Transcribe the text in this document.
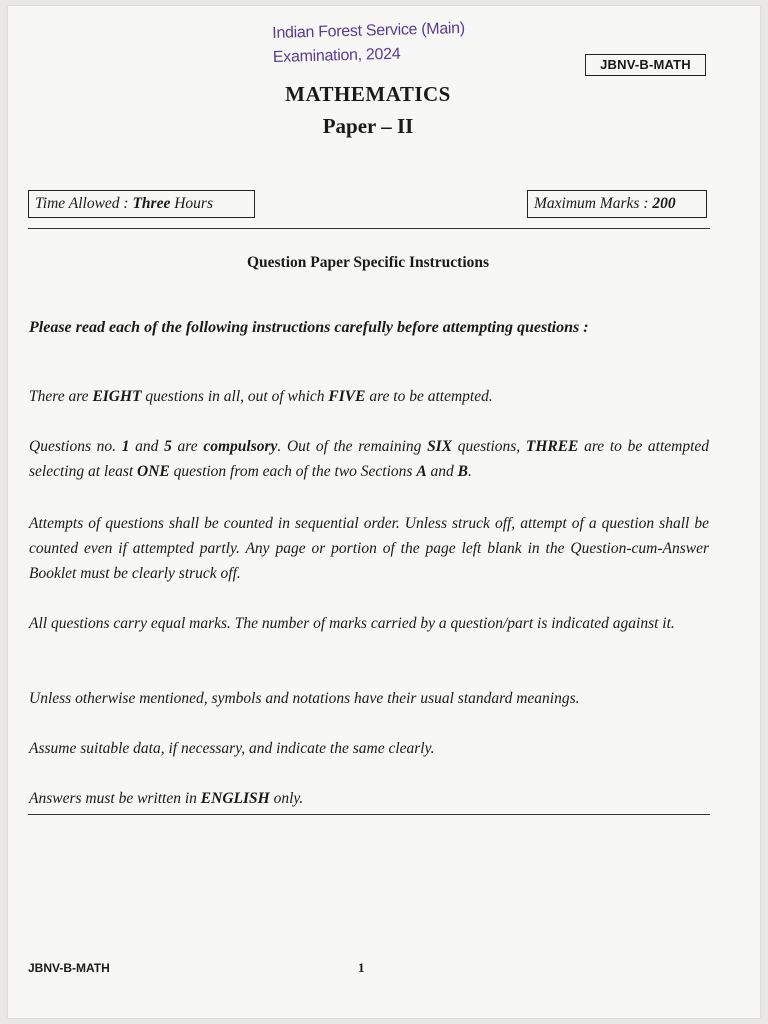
Indian Forest Service (Main)
Examination, 2024	JBNV-B-MATH
MATHEMATICS
Paper – II
Time Allowed : Three Hours	Maximum Marks : 200
Question Paper Specific Instructions
Please read each of the following instructions carefully before attempting questions :
There are EIGHT questions in all, out of which FIVE are to be attempted.
Questions no. 1 and 5 are compulsory. Out of the remaining SIX questions, THREE are to be attempted selecting at least ONE question from each of the two Sections A and B.
Attempts of questions shall be counted in sequential order. Unless struck off, attempt of a question shall be counted even if attempted partly. Any page or portion of the page left blank in the Question-cum-Answer Booklet must be clearly struck off.
All questions carry equal marks. The number of marks carried by a question/part is indicated against it.
Unless otherwise mentioned, symbols and notations have their usual standard meanings.
Assume suitable data, if necessary, and indicate the same clearly.
Answers must be written in ENGLISH only.
JBNV-B-MATH	1
